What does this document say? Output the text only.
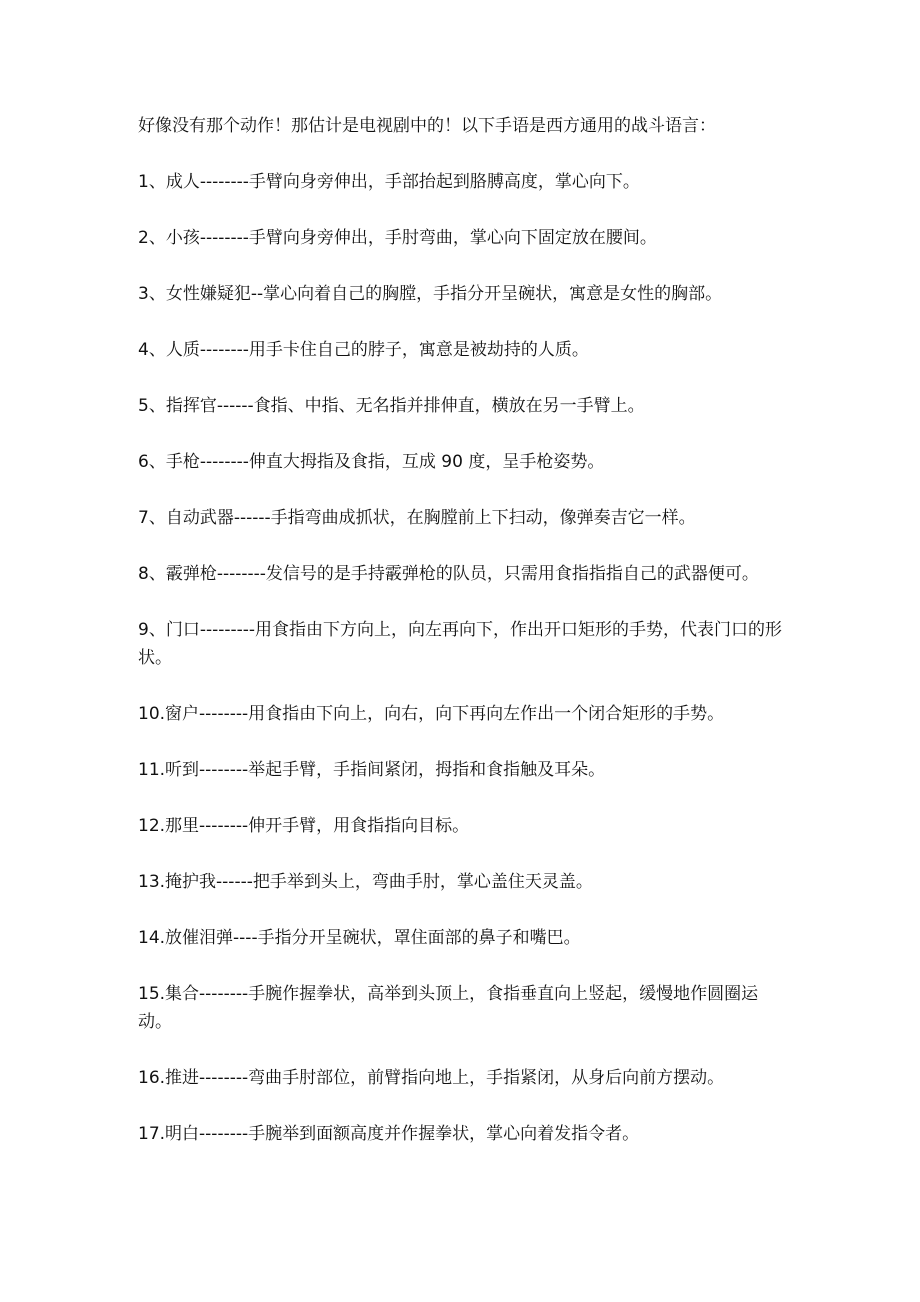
好像没有那个动作！那估计是电视剧中的！以下手语是西方通用的战斗语言：

1、成人--------手臂向身旁伸出，手部抬起到胳膊高度，掌心向下。

2、小孩--------手臂向身旁伸出，手肘弯曲，掌心向下固定放在腰间。

3、女性嫌疑犯--掌心向着自己的胸膛，手指分开呈碗状，寓意是女性的胸部。

4、人质--------用手卡住自己的脖子，寓意是被劫持的人质。

5、指挥官------食指、中指、无名指并排伸直，横放在另一手臂上。

6、手枪--------伸直大拇指及食指，互成 90 度，呈手枪姿势。

7、自动武器------手指弯曲成抓状，在胸膛前上下扫动，像弹奏吉它一样。

8、霰弹枪--------发信号的是手持霰弹枪的队员，只需用食指指指自己的武器便可。

9、门口---------用食指由下方向上，向左再向下，作出开口矩形的手势，代表门口的形状。

10.窗户--------用食指由下向上，向右，向下再向左作出一个闭合矩形的手势。

11.听到--------举起手臂，手指间紧闭，拇指和食指触及耳朵。

12.那里--------伸开手臂，用食指指向目标。

13.掩护我------把手举到头上，弯曲手肘，掌心盖住天灵盖。

14.放催泪弹----手指分开呈碗状，罩住面部的鼻子和嘴巴。

15.集合--------手腕作握拳状，高举到头顶上，食指垂直向上竖起，缓慢地作圆圈运动。

16.推进--------弯曲手肘部位，前臂指向地上，手指紧闭，从身后向前方摆动。

17.明白--------手腕举到面额高度并作握拳状，掌心向着发指令者。
